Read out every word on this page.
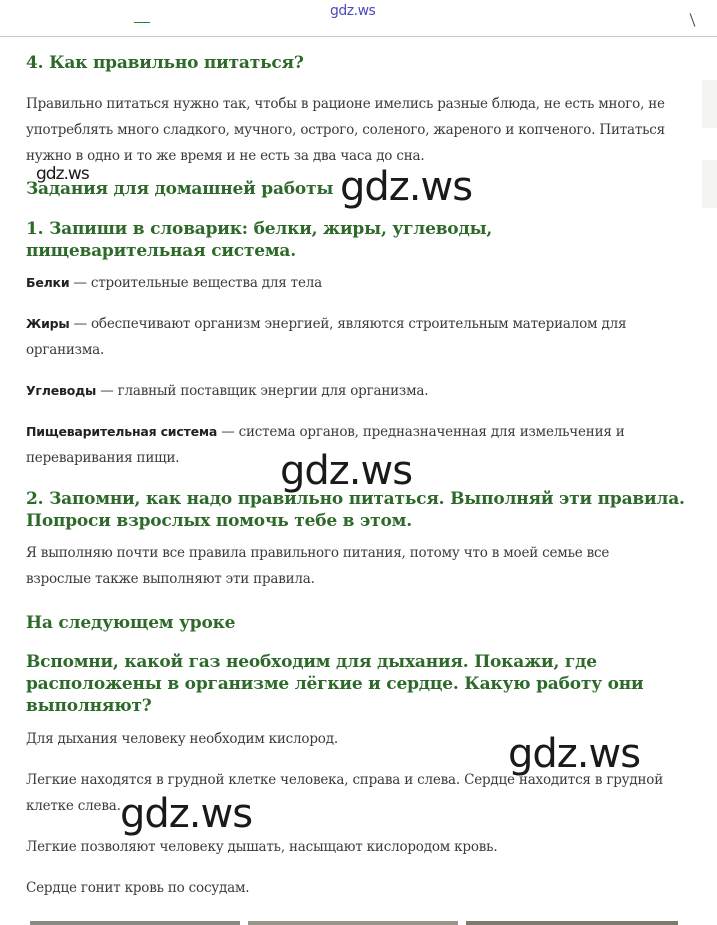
gdz.ws
4. Как правильно питаться?

Правильно питаться нужно так, чтобы в рационе имелись разные блюда, не есть много, не употреблять много сладкого, мучного, острого, соленого, жареного и копченого. Питаться нужно в одно и то же время и не есть за два часа до сна.

Задания для домашней работы
1. Запиши в словарик: белки, жиры, углеводы, пищеварительная система.

Белки — строительные вещества для тела

Жиры — обеспечивают организм энергией, являются строительным материалом для организма.

Углеводы — главный поставщик энергии для организма.

Пищеварительная система — система органов, предназначенная для измельчения и переваривания пищи.

2. Запомни, как надо правильно питаться. Выполняй эти правила. Попроси взрослых помочь тебе в этом.

Я выполняю почти все правила правильного питания, потому что в моей семье все взрослые также выполняют эти правила.

На следующем уроке
Вспомни, какой газ необходим для дыхания. Покажи, где расположены в организме лёгкие и сердце. Какую работу они выполняют?

Для дыхания человеку необходим кислород.

Легкие находятся в грудной клетке человека, справа и слева. Сердце находится в грудной клетке слева.

Легкие позволяют человеку дышать, насыщают кислородом кровь.

Сердце гонит кровь по сосудам.

gdz.ws	gdz.ws
gdz.ws
gdz.ws
gdz.ws
